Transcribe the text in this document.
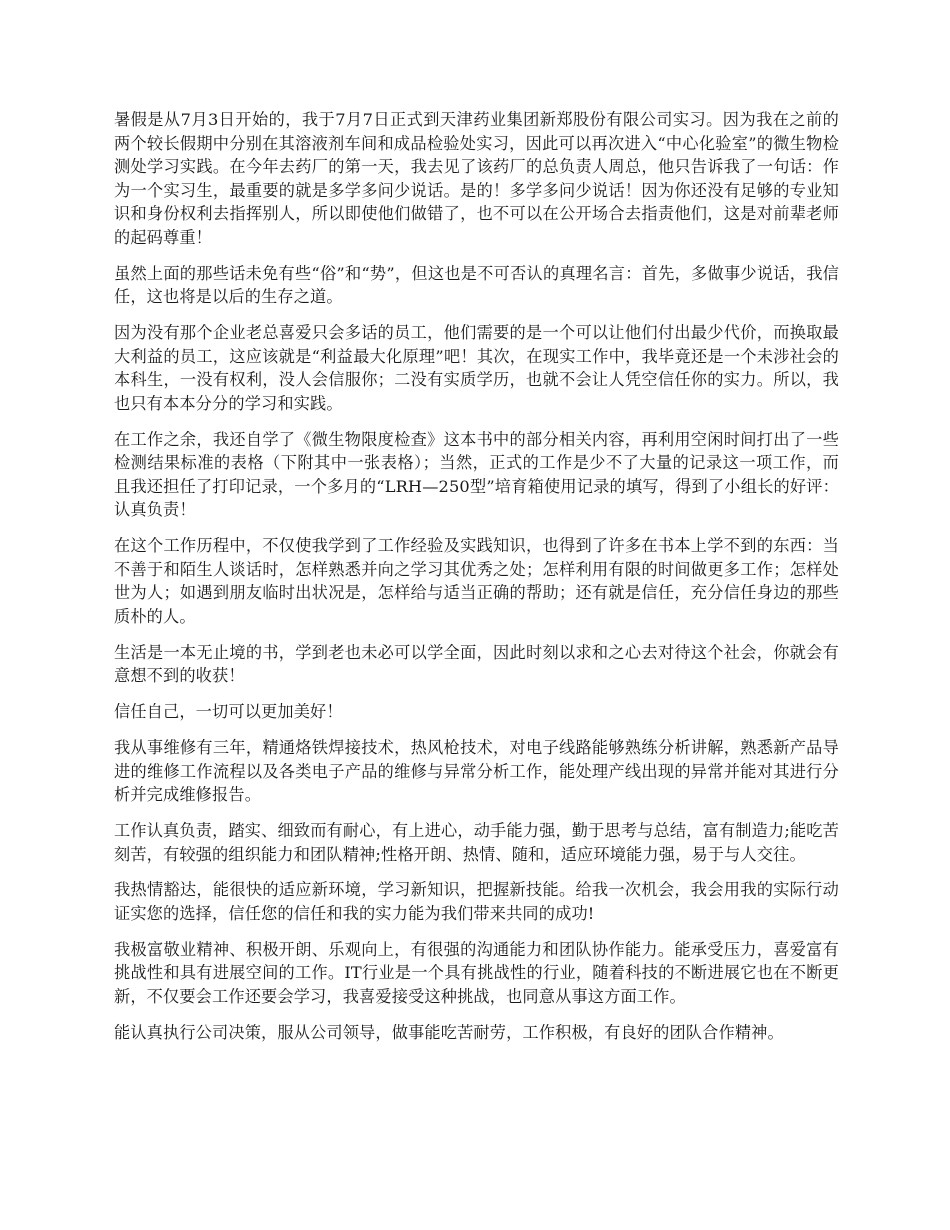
暑假是从7月3日开始的，我于7月7日正式到天津药业集团新郑股份有限公司实习。因为我在之前的两个较长假期中分别在其溶液剂车间和成品检验处实习，因此可以再次进入“中心化验室”的微生物检测处学习实践。在今年去药厂的第一天，我去见了该药厂的总负责人周总，他只告诉我了一句话：作为一个实习生，最重要的就是多学多问少说话。是的！多学多问少说话！因为你还没有足够的专业知识和身份权利去指挥别人，所以即使他们做错了，也不可以在公开场合去指责他们，这是对前辈老师的起码尊重！

虽然上面的那些话未免有些“俗”和“势”，但这也是不可否认的真理名言：首先，多做事少说话，我信任，这也将是以后的生存之道。

因为没有那个企业老总喜爱只会多话的员工，他们需要的是一个可以让他们付出最少代价，而换取最大利益的员工，这应该就是“利益最大化原理”吧！其次，在现实工作中，我毕竟还是一个未涉社会的本科生，一没有权利，没人会信服你；二没有实质学历，也就不会让人凭空信任你的实力。所以，我也只有本本分分的学习和实践。

在工作之余，我还自学了《微生物限度检查》这本书中的部分相关内容，再利用空闲时间打出了一些检测结果标准的表格（下附其中一张表格）；当然，正式的工作是少不了大量的记录这一项工作，而且我还担任了打印记录，一个多月的“LRH—250型”培育箱使用记录的填写，得到了小组长的好评：认真负责！

在这个工作历程中，不仅使我学到了工作经验及实践知识，也得到了许多在书本上学不到的东西：当不善于和陌生人谈话时，怎样熟悉并向之学习其优秀之处；怎样利用有限的时间做更多工作；怎样处世为人；如遇到朋友临时出状况是，怎样给与适当正确的帮助；还有就是信任，充分信任身边的那些质朴的人。

生活是一本无止境的书，学到老也未必可以学全面，因此时刻以求和之心去对待这个社会，你就会有意想不到的收获！

信任自己，一切可以更加美好！

我从事维修有三年，精通烙铁焊接技术，热风枪技术，对电子线路能够熟练分析讲解，熟悉新产品导进的维修工作流程以及各类电子产品的维修与异常分析工作，能处理产线出现的异常并能对其进行分析并完成维修报告。

工作认真负责，踏实、细致而有耐心，有上进心，动手能力强，勤于思考与总结，富有制造力;能吃苦刻苦，有较强的组织能力和团队精神;性格开朗、热情、随和，适应环境能力强，易于与人交往。

我热情豁达，能很快的适应新环境，学习新知识，把握新技能。给我一次机会，我会用我的实际行动证实您的选择，信任您的信任和我的实力能为我们带来共同的成功!

我极富敬业精神、积极开朗、乐观向上，有很强的沟通能力和团队协作能力。能承受压力，喜爱富有挑战性和具有进展空间的工作。IT行业是一个具有挑战性的行业，随着科技的不断进展它也在不断更新，不仅要会工作还要会学习，我喜爱接受这种挑战，也同意从事这方面工作。

能认真执行公司决策，服从公司领导，做事能吃苦耐劳，工作积极，有良好的团队合作精神。
